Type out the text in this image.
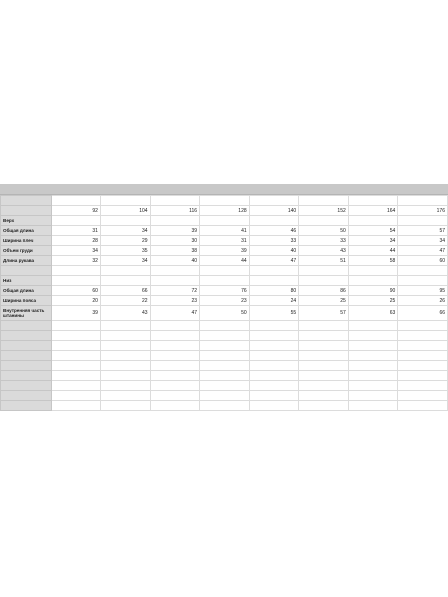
	92	104	116	128	140	152	164	176
Верх								
Общая длина	31	34	39	41	46	50	54	57
Ширина плеч	28	29	30	31	33	33	34	34
Объем груди	34	35	38	39	40	43	44	47
Длина рукава	32	34	40	44	47	51	58	60

Низ								
Общая длина	60	66	72	76	80	86	90	95
Ширина пояса	20	22	23	23	24	25	25	26
Внутренняя часть штанины	39	43	47	50	55	57	63	66
